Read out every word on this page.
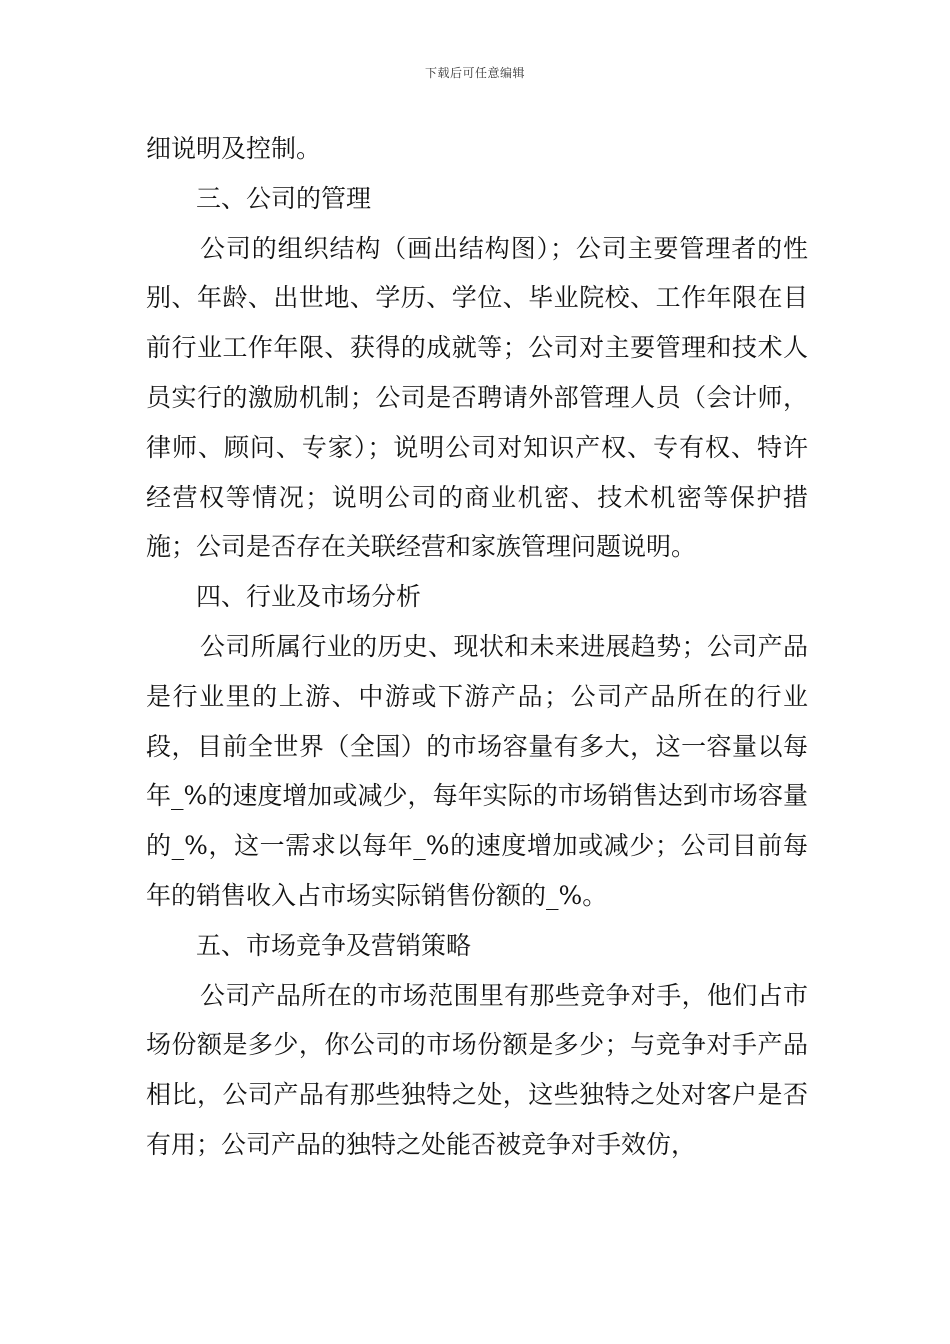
下载后可任意编辑

细说明及控制。

三、公司的管理

公司的组织结构（画出结构图）；公司主要管理者的性别、年龄、出世地、学历、学位、毕业院校、工作年限在目前行业工作年限、获得的成就等；公司对主要管理和技术人员实行的激励机制；公司是否聘请外部管理人员（会计师，律师、顾问、专家）；说明公司对知识产权、专有权、特许经营权等情况；说明公司的商业机密、技术机密等保护措施；公司是否存在关联经营和家族管理问题说明。

四、行业及市场分析

公司所属行业的历史、现状和未来进展趋势；公司产品是行业里的上游、中游或下游产品；公司产品所在的行业段，目前全世界（全国）的市场容量有多大，这一容量以每年_%的速度增加或减少，每年实际的市场销售达到市场容量的_%，这一需求以每年_%的速度增加或减少；公司目前每年的销售收入占市场实际销售份额的_%。

五、市场竞争及营销策略

公司产品所在的市场范围里有那些竞争对手，他们占市场份额是多少，你公司的市场份额是多少；与竞争对手产品相比，公司产品有那些独特之处，这些独特之处对客户是否有用；公司产品的独特之处能否被竞争对手效仿，
